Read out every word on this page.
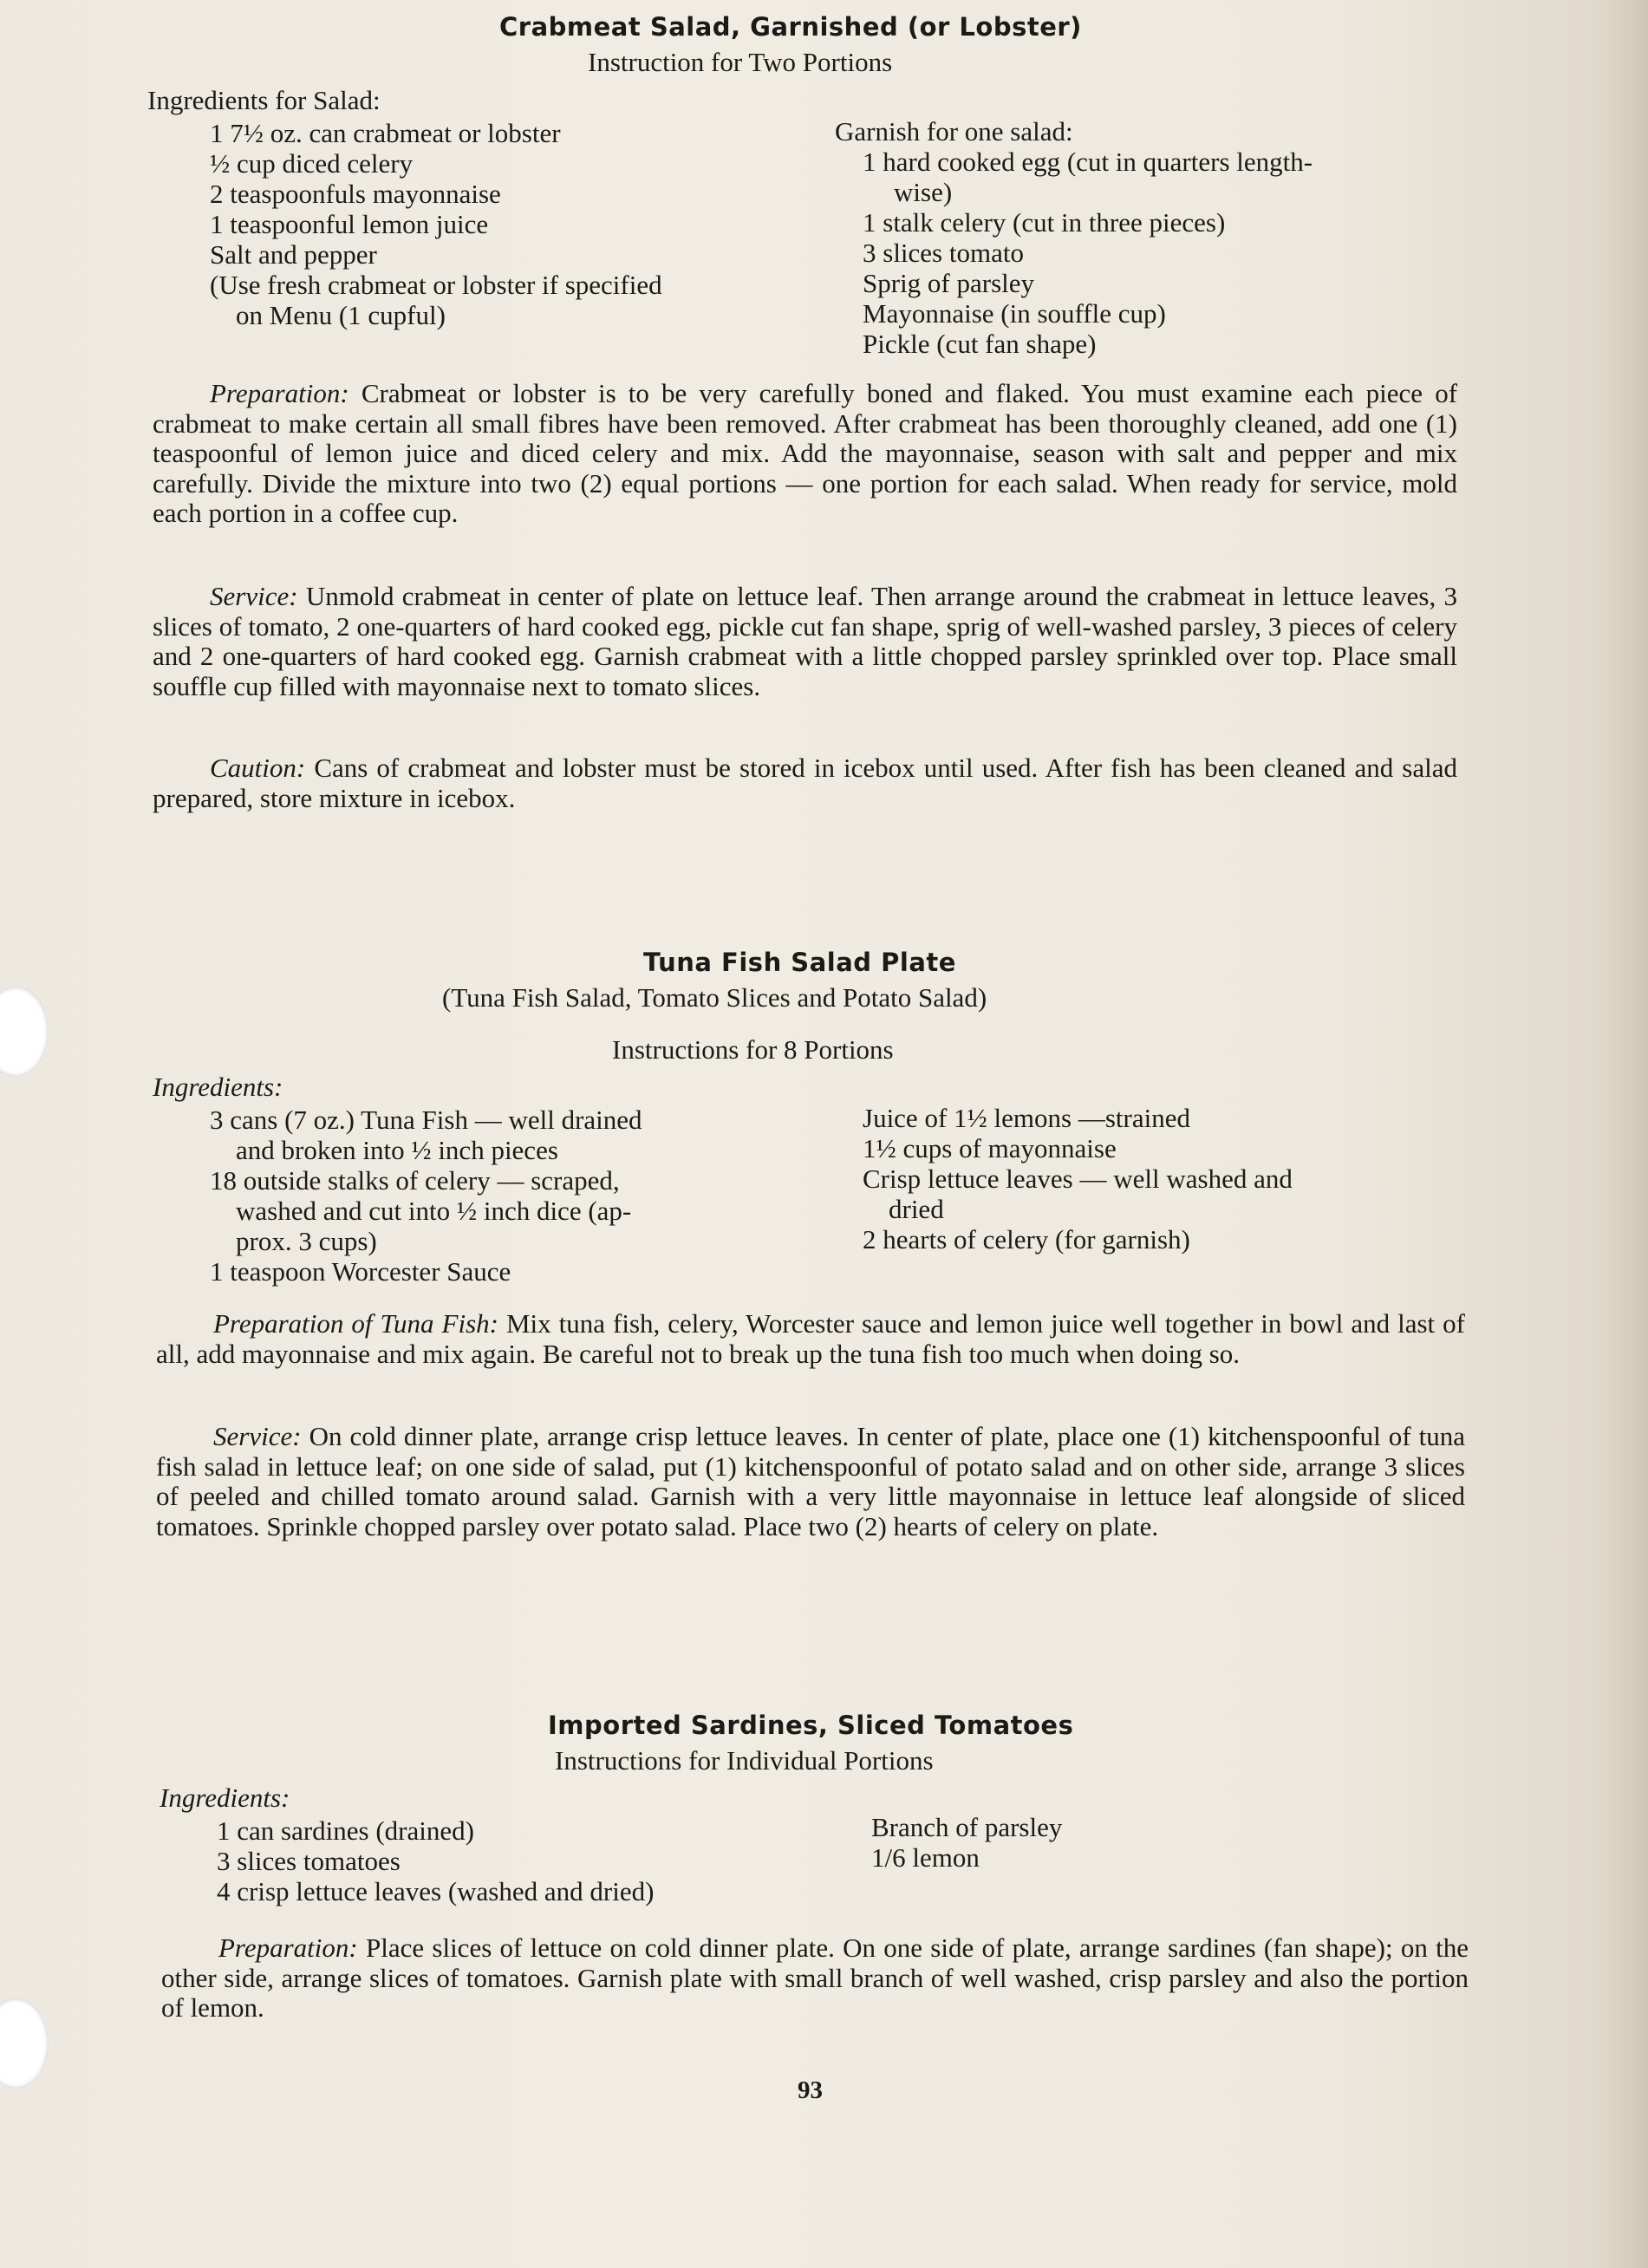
Crabmeat Salad, Garnished (or Lobster)
Instruction for Two Portions
Ingredients for Salad:
1 7½ oz. can crabmeat or lobster
½ cup diced celery
2 teaspoonfuls mayonnaise
1 teaspoonful lemon juice
Salt and pepper
(Use fresh crabmeat or lobster if specified
on Menu (1 cupful)
Garnish for one salad:
1 hard cooked egg (cut in quarters length-
wise)
1 stalk celery (cut in three pieces)
3 slices tomato
Sprig of parsley
Mayonnaise (in souffle cup)
Pickle (cut fan shape)

Preparation: Crabmeat or lobster is to be very carefully boned and flaked. You must examine each piece of crabmeat to make certain all small fibres have been removed. After crabmeat has been thoroughly cleaned, add one (1) teaspoonful of lemon juice and diced celery and mix. Add the mayonnaise, season with salt and pepper and mix carefully. Divide the mixture into two (2) equal portions — one portion for each salad. When ready for service, mold each portion in a coffee cup.

Service: Unmold crabmeat in center of plate on lettuce leaf. Then arrange around the crabmeat in lettuce leaves, 3 slices of tomato, 2 one-quarters of hard cooked egg, pickle cut fan shape, sprig of well-washed parsley, 3 pieces of celery and 2 one-quarters of hard cooked egg. Garnish crabmeat with a little chopped parsley sprinkled over top. Place small souffle cup filled with mayonnaise next to tomato slices.

Caution: Cans of crabmeat and lobster must be stored in icebox until used. After fish has been cleaned and salad prepared, store mixture in icebox.

Tuna Fish Salad Plate
(Tuna Fish Salad, Tomato Slices and Potato Salad)
Instructions for 8 Portions
Ingredients:
3 cans (7 oz.) Tuna Fish — well drained
and broken into ½ inch pieces
18 outside stalks of celery — scraped,
washed and cut into ½ inch dice (ap-
prox. 3 cups)
1 teaspoon Worcester Sauce
Juice of 1½ lemons —strained
1½ cups of mayonnaise
Crisp lettuce leaves — well washed and
dried
2 hearts of celery (for garnish)

Preparation of Tuna Fish: Mix tuna fish, celery, Worcester sauce and lemon juice well together in bowl and last of all, add mayonnaise and mix again. Be careful not to break up the tuna fish too much when doing so.

Service: On cold dinner plate, arrange crisp lettuce leaves. In center of plate, place one (1) kitchenspoonful of tuna fish salad in lettuce leaf; on one side of salad, put (1) kitchenspoonful of potato salad and on other side, arrange 3 slices of peeled and chilled tomato around salad. Garnish with a very little mayonnaise in lettuce leaf alongside of sliced tomatoes. Sprinkle chopped parsley over potato salad. Place two (2) hearts of celery on plate.

Imported Sardines, Sliced Tomatoes
Instructions for Individual Portions
Ingredients:
1 can sardines (drained)
3 slices tomatoes
4 crisp lettuce leaves (washed and dried)
Branch of parsley
1/6 lemon

Preparation: Place slices of lettuce on cold dinner plate. On one side of plate, arrange sardines (fan shape); on the other side, arrange slices of tomatoes. Garnish plate with small branch of well washed, crisp parsley and also the portion of lemon.

93
